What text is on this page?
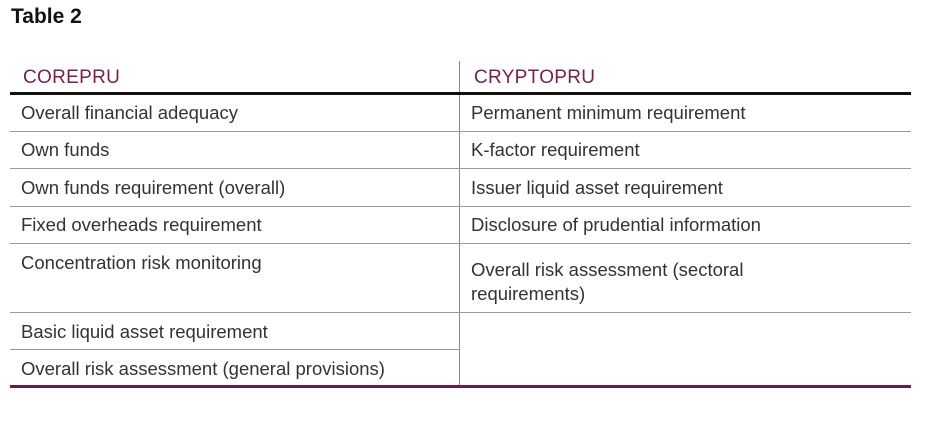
Table 2
COREPRU	CRYPTOPRU
Overall financial adequacy
Own funds
Own funds requirement (overall)
Fixed overheads requirement
Concentration risk monitoring
Basic liquid asset requirement
Overall risk assessment (general provisions)
Permanent minimum requirement
K-factor requirement
Issuer liquid asset requirement
Disclosure of prudential information
Overall risk assessment (sectoral requirements)
